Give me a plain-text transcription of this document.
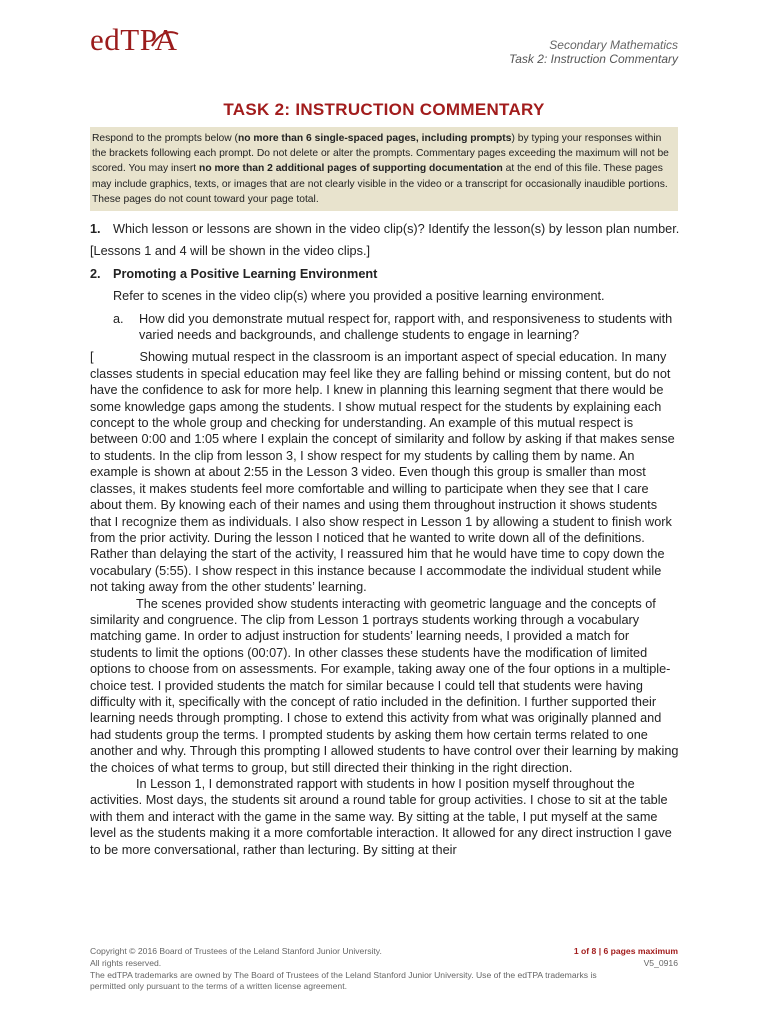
edTPA	Secondary Mathematics
Task 2: Instruction Commentary
TASK 2: INSTRUCTION COMMENTARY
Respond to the prompts below (no more than 6 single-spaced pages, including prompts) by typing your responses within the brackets following each prompt. Do not delete or alter the prompts. Commentary pages exceeding the maximum will not be scored. You may insert no more than 2 additional pages of supporting documentation at the end of this file. These pages may include graphics, texts, or images that are not clearly visible in the video or a transcript for occasionally inaudible portions. These pages do not count toward your page total.
1. Which lesson or lessons are shown in the video clip(s)? Identify the lesson(s) by lesson plan number.
[Lessons 1 and 4 will be shown in the video clips.]
2. Promoting a Positive Learning Environment
Refer to scenes in the video clip(s) where you provided a positive learning environment.
a.	How did you demonstrate mutual respect for, rapport with, and responsiveness to students with varied needs and backgrounds, and challenge students to engage in learning?

[	Showing mutual respect in the classroom is an important aspect of special education. In many classes students in special education may feel like they are falling behind or missing content, but do not have the confidence to ask for more help. I knew in planning this learning segment that there would be some knowledge gaps among the students. I show mutual respect for the students by explaining each concept to the whole group and checking for understanding. An example of this mutual respect is between 0:00 and 1:05 where I explain the concept of similarity and follow by asking if that makes sense to students. In the clip from lesson 3, I show respect for my students by calling them by name. An example is shown at about 2:55 in the Lesson 3 video. Even though this group is smaller than most classes, it makes students feel more comfortable and willing to participate when they see that I care about them. By knowing each of their names and using them throughout instruction it shows students that I recognize them as individuals. I also show respect in Lesson 1 by allowing a student to finish work from the prior activity. During the lesson I noticed that he wanted to write down all of the definitions. Rather than delaying the start of the activity, I reassured him that he would have time to copy down the vocabulary (5:55). I show respect in this instance because I accommodate the individual student while not taking away from the other students’ learning.

The scenes provided show students interacting with geometric language and the concepts of similarity and congruence. The clip from Lesson 1 portrays students working through a vocabulary matching game. In order to adjust instruction for students’ learning needs, I provided a match for students to limit the options (00:07). In other classes these students have the modification of limited options to choose from on assessments. For example, taking away one of the four options in a multiple-choice test. I provided students the match for similar because I could tell that students were having difficulty with it, specifically with the concept of ratio included in the definition. I further supported their learning needs through prompting. I chose to extend this activity from what was originally planned and had students group the terms. I prompted students by asking them how certain terms related to one another and why. Through this prompting I allowed students to have control over their learning by making the choices of what terms to group, but still directed their thinking in the right direction.

In Lesson 1, I demonstrated rapport with students in how I position myself throughout the activities. Most days, the students sit around a round table for group activities. I chose to sit at the table with them and interact with the game in the same way. By sitting at the table, I put myself at the same level as the students making it a more comfortable interaction. It allowed for any direct instruction I gave to be more conversational, rather than lecturing. By sitting at their

Copyright © 2016 Board of Trustees of the Leland Stanford Junior University.	1 of 8 | 6 pages maximum
All rights reserved.	V5_0916
The edTPA trademarks are owned by The Board of Trustees of the Leland Stanford Junior University. Use of the edTPA trademarks is
permitted only pursuant to the terms of a written license agreement.
